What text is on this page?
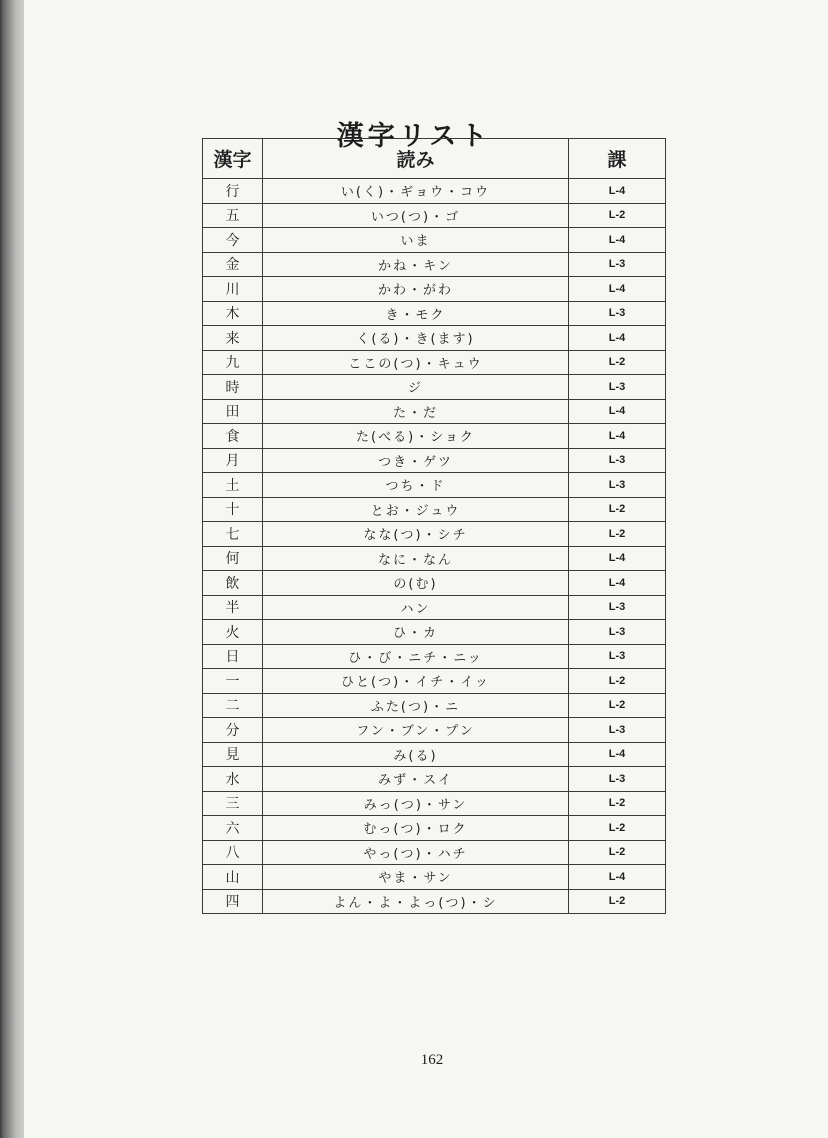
漢字リスト
漢字	読み	課
行	い(く)・ギョウ・コウ	L-4
五	いつ(つ)・ゴ	L-2
今	いま	L-4
金	かね・キン	L-3
川	かわ・がわ	L-4
木	き・モク	L-3
来	く(る)・き(ます)	L-4
九	ここの(つ)・キュウ	L-2
時	ジ	L-3
田	た・だ	L-4
食	た(べる)・ショク	L-4
月	つき・ゲツ	L-3
土	つち・ド	L-3
十	とお・ジュウ	L-2
七	なな(つ)・シチ	L-2
何	なに・なん	L-4
飲	の(む)	L-4
半	ハン	L-3
火	ひ・カ	L-3
日	ひ・び・ニチ・ニッ	L-3
一	ひと(つ)・イチ・イッ	L-2
二	ふた(つ)・ニ	L-2
分	フン・ブン・プン	L-3
見	み(る)	L-4
水	みず・スイ	L-3
三	みっ(つ)・サン	L-2
六	むっ(つ)・ロク	L-2
八	やっ(つ)・ハチ	L-2
山	やま・サン	L-4
四	よん・よ・よっ(つ)・シ	L-2
162
